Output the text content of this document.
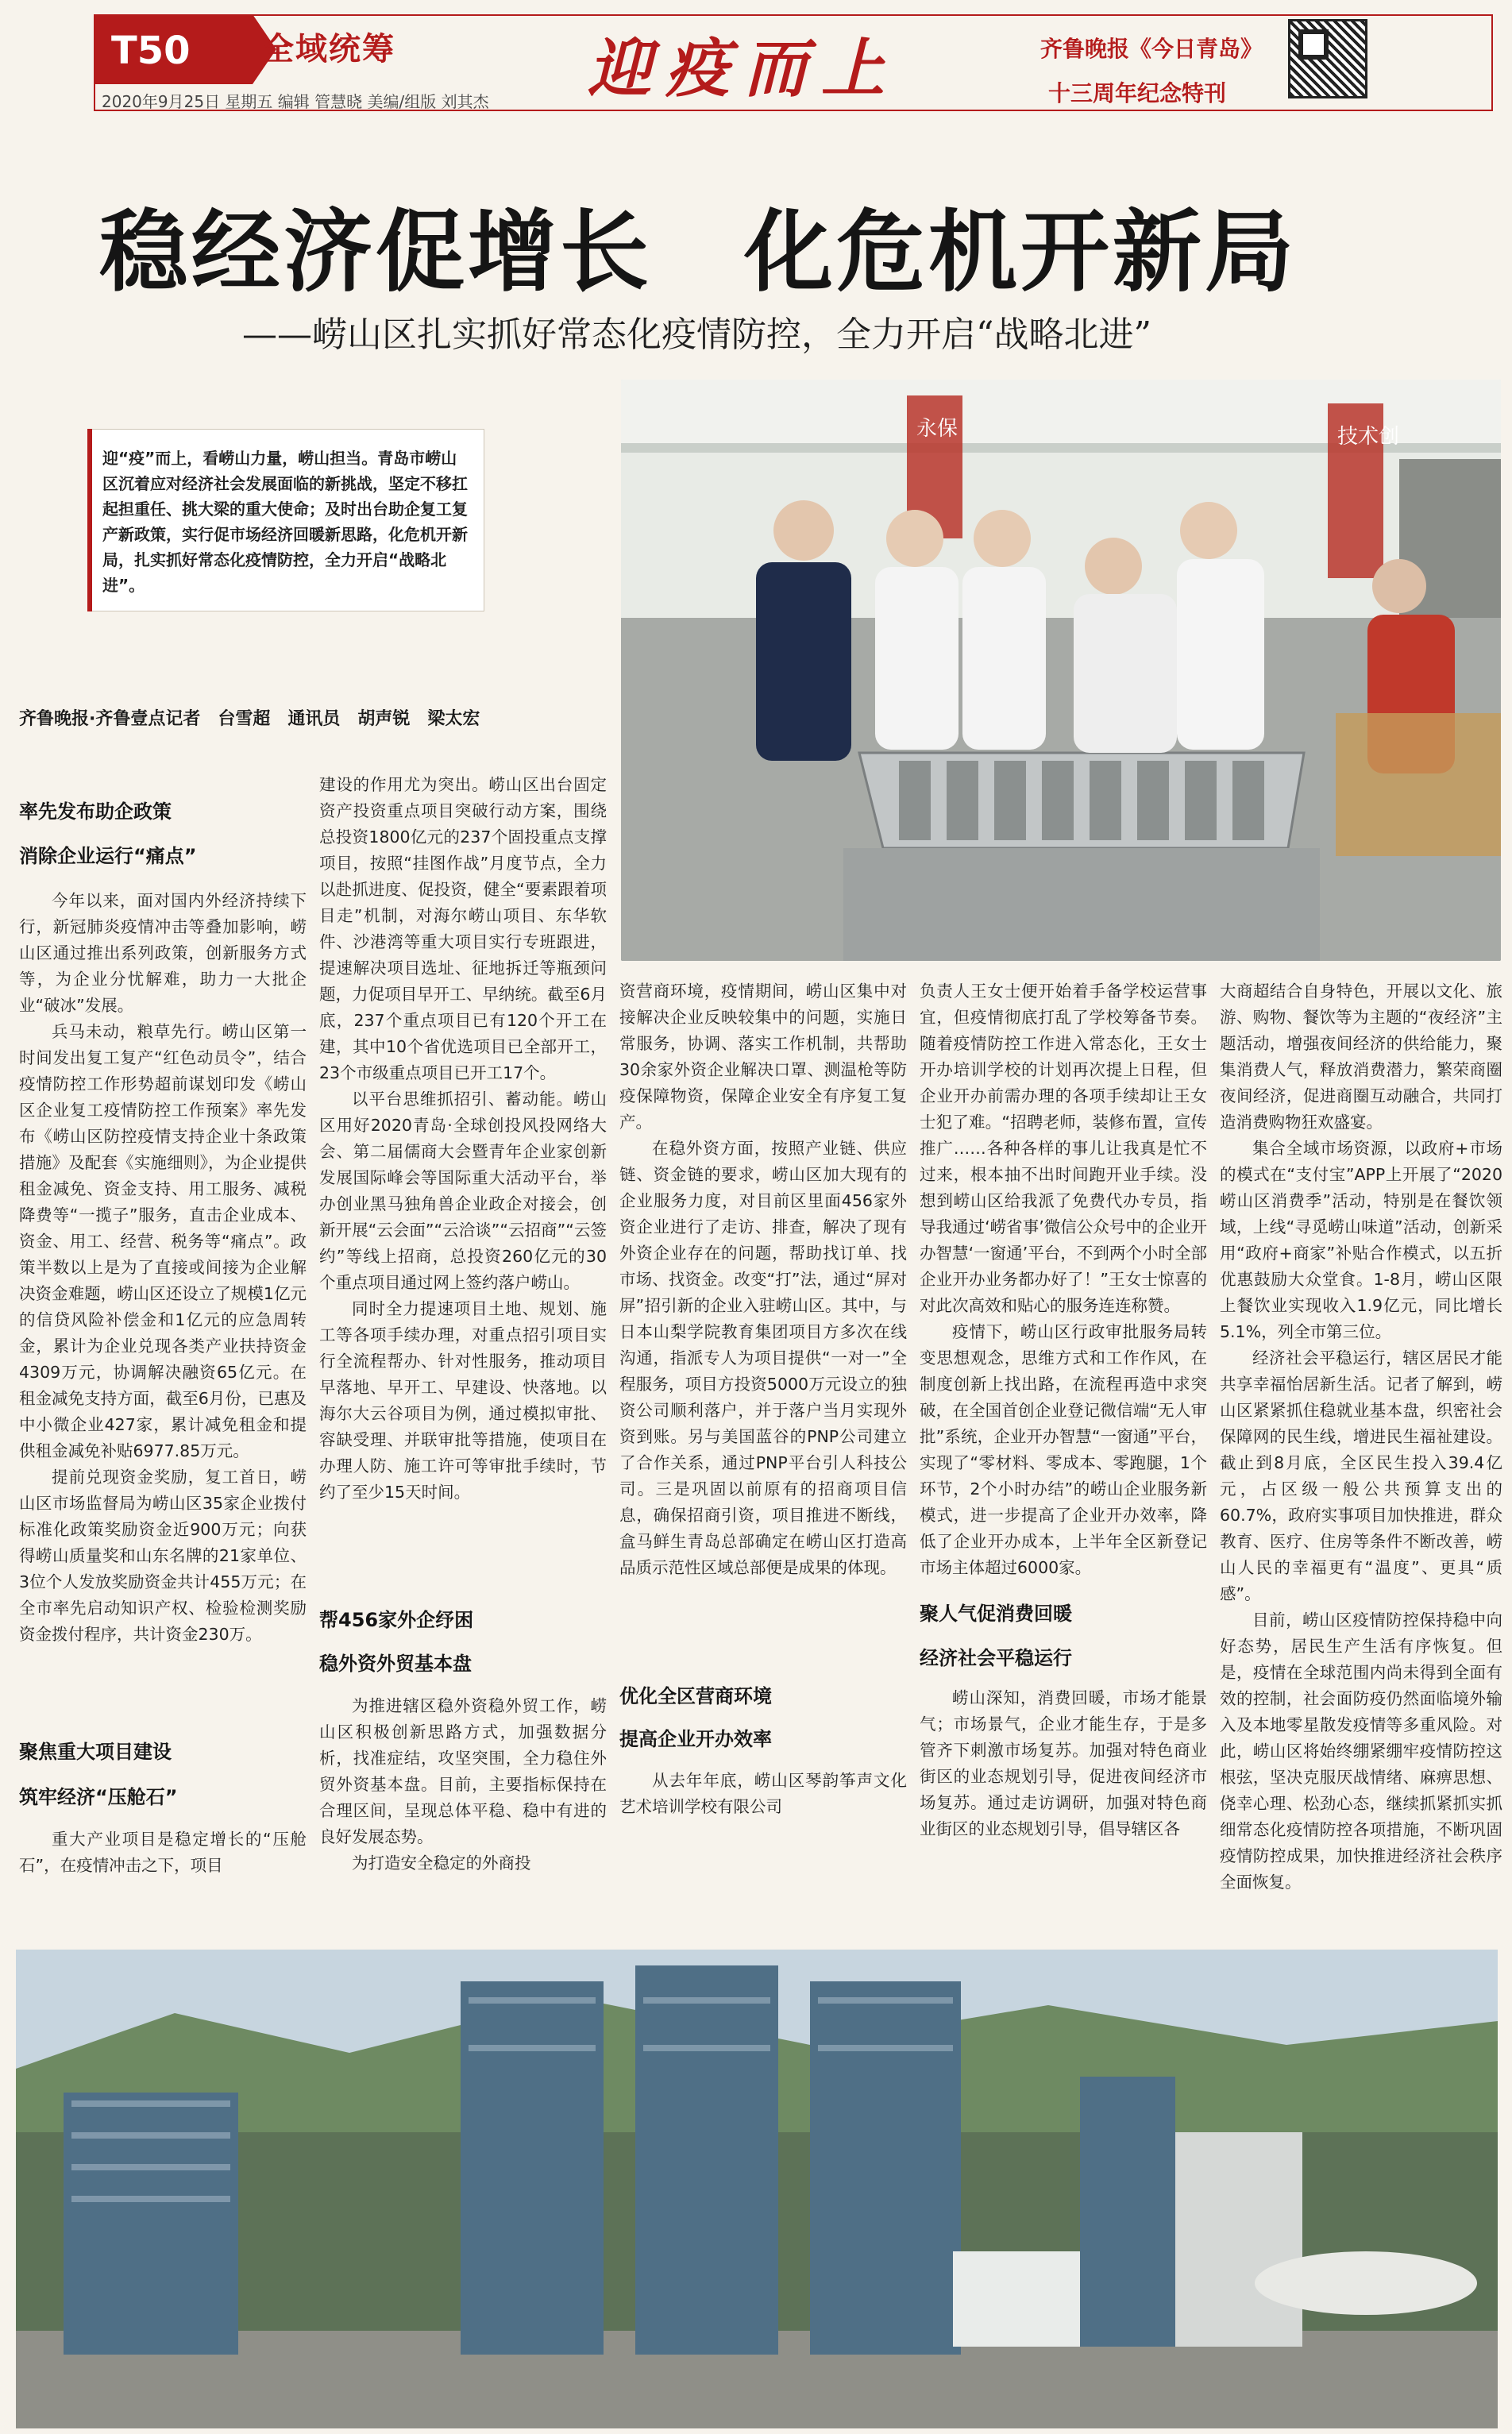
T50 全域统筹
2020年9月25日 星期五 编辑 管慧晓 美编/组版 刘其杰 迎疫而上	齐鲁晚报《今日青岛》
十三周年纪念特刊
稳经济促增长　化危机开新局
——崂山区扎实抓好常态化疫情防控，全力开启“战略北进”
迎“疫”而上，看崂山力量，崂山担当。青岛市崂山区沉着应对经济社会发展面临的新挑战，坚定不移扛起担重任、挑大梁的重大使命；及时出台助企复工复产新政策，实行促市场经济回暖新思路，化危机开新局，扎实抓好常态化疫情防控，全力开启“战略北进”。
齐鲁晚报·齐鲁壹点记者　台雪超　通讯员　胡声锐　梁太宏
永保	技术创
率先发布助企政策
消除企业运行“痛点”

今年以来，面对国内外经济持续下行，新冠肺炎疫情冲击等叠加影响，崂山区通过推出系列政策，创新服务方式等，为企业分忧解难，助力一大批企业“破冰”发展。

兵马未动，粮草先行。崂山区第一时间发出复工复产“红色动员令”，结合疫情防控工作形势超前谋划印发《崂山区企业复工疫情防控工作预案》率先发布《崂山区防控疫情支持企业十条政策措施》及配套《实施细则》，为企业提供租金减免、资金支持、用工服务、减税降费等“一揽子”服务，直击企业成本、资金、用工、经营、税务等“痛点”。政策半数以上是为了直接或间接为企业解决资金难题，崂山区还设立了规模1亿元的信贷风险补偿金和1亿元的应急周转金，累计为企业兑现各类产业扶持资金4309万元，协调解决融资65亿元。在租金减免支持方面，截至6月份，已惠及中小微企业427家，累计减免租金和提供租金减免补贴6977.85万元。

提前兑现资金奖励，复工首日，崂山区市场监督局为崂山区35家企业拨付标准化政策奖励资金近900万元；向获得崂山质量奖和山东名牌的21家单位、3位个人发放奖励资金共计455万元；在全市率先启动知识产权、检验检测奖励资金拨付程序，共计资金230万。

聚焦重大项目建设
筑牢经济“压舱石”

重大产业项目是稳定增长的“压舱石”，在疫情冲击之下，项目

建设的作用尤为突出。崂山区出台固定资产投资重点项目突破行动方案，围绕总投资1800亿元的237个固投重点支撑项目，按照“挂图作战”月度节点，全力以赴抓进度、促投资，健全“要素跟着项目走”机制，对海尔崂山项目、东华软件、沙港湾等重大项目实行专班跟进，提速解决项目选址、征地拆迁等瓶颈问题，力促项目早开工、早纳统。截至6月底，237个重点项目已有120个开工在建，其中10个省优选项目已全部开工，23个市级重点项目已开工17个。

以平台思维抓招引、蓄动能。崂山区用好2020青岛·全球创投风投网络大会、第二届儒商大会暨青年企业家创新发展国际峰会等国际重大活动平台，举办创业黑马独角兽企业政企对接会，创新开展“云会面”“云洽谈”“云招商”“云签约”等线上招商，总投资260亿元的30个重点项目通过网上签约落户崂山。

同时全力提速项目土地、规划、施工等各项手续办理，对重点招引项目实行全流程帮办、针对性服务，推动项目早落地、早开工、早建设、快落地。以海尔大云谷项目为例，通过模拟审批、容缺受理、并联审批等措施，使项目在办理人防、施工许可等审批手续时，节约了至少15天时间。

帮456家外企纾困
稳外资外贸基本盘

为推进辖区稳外资稳外贸工作，崂山区积极创新思路方式，加强数据分析，找准症结，攻坚突围，全力稳住外贸外资基本盘。目前，主要指标保持在合理区间，呈现总体平稳、稳中有进的良好发展态势。

为打造安全稳定的外商投

资营商环境，疫情期间，崂山区集中对接解决企业反映较集中的问题，实施日常服务，协调、落实工作机制，共帮助30余家外资企业解决口罩、测温枪等防疫保障物资，保障企业安全有序复工复产。

在稳外资方面，按照产业链、供应链、资金链的要求，崂山区加大现有的企业服务力度，对目前区里面456家外资企业进行了走访、排查，解决了现有外资企业存在的问题，帮助找订单、找市场、找资金。改变“打”法，通过“屏对屏”招引新的企业入驻崂山区。其中，与日本山梨学院教育集团项目方多次在线沟通，指派专人为项目提供“一对一”全程服务，项目方投资5000万元设立的独资公司顺利落户，并于落户当月实现外资到账。另与美国蓝谷的PNP公司建立了合作关系，通过PNP平台引人科技公司。三是巩固以前原有的招商项目信息，确保招商引资，项目推进不断线，盒马鲜生青岛总部确定在崂山区打造高品质示范性区域总部便是成果的体现。

优化全区营商环境
提高企业开办效率

从去年年底，崂山区琴韵筝声文化艺术培训学校有限公司

负责人王女士便开始着手备学校运营事宜，但疫情彻底打乱了学校筹备节奏。随着疫情防控工作进入常态化，王女士开办培训学校的计划再次提上日程，但企业开办前需办理的各项手续却让王女士犯了难。“招聘老师，装修布置，宣传推广……各种各样的事儿让我真是忙不过来，根本抽不出时间跑开业手续。没想到崂山区给我派了免费代办专员，指导我通过‘崂省事’微信公众号中的企业开办智慧‘一窗通’平台，不到两个小时全部企业开办业务都办好了！”王女士惊喜的对此次高效和贴心的服务连连称赞。

疫情下，崂山区行政审批服务局转变思想观念，思维方式和工作作风，在制度创新上找出路，在流程再造中求突破，在全国首创企业登记微信端“无人审批”系统，企业开办智慧“一窗通”平台，实现了“零材料、零成本、零跑腿，1个环节，2个小时办结”的崂山企业服务新模式，进一步提高了企业开办效率，降低了企业开办成本，上半年全区新登记市场主体超过6000家。

聚人气促消费回暖
经济社会平稳运行

崂山深知，消费回暖，市场才能景气；市场景气，企业才能生存，于是多管齐下刺激市场复苏。加强对特色商业街区的业态规划引导，促进夜间经济市场复苏。通过走访调研，加强对特色商业街区的业态规划引导，倡导辖区各

大商超结合自身特色，开展以文化、旅游、购物、餐饮等为主题的“夜经济”主题活动，增强夜间经济的供给能力，聚集消费人气，释放消费潜力，繁荣商圈夜间经济，促进商圈互动融合，共同打造消费购物狂欢盛宴。

集合全域市场资源，以政府+市场的模式在“支付宝”APP上开展了“2020崂山区消费季”活动，特别是在餐饮领域，上线“寻觅崂山味道”活动，创新采用“政府+商家”补贴合作模式，以五折优惠鼓励大众堂食。1-8月，崂山区限上餐饮业实现收入1.9亿元，同比增长5.1%，列全市第三位。

经济社会平稳运行，辖区居民才能共享幸福怡居新生活。记者了解到，崂山区紧紧抓住稳就业基本盘，织密社会保障网的民生线，增进民生福祉建设。截止到8月底，全区民生投入39.4亿元，占区级一般公共预算支出的60.7%，政府实事项目加快推进，群众教育、医疗、住房等条件不断改善，崂山人民的幸福更有“温度”、更具“质感”。

目前，崂山区疫情防控保持稳中向好态势，居民生产生活有序恢复。但是，疫情在全球范围内尚未得到全面有效的控制，社会面防疫仍然面临境外输入及本地零星散发疫情等多重风险。对此，崂山区将始终绷紧绷牢疫情防控这根弦，坚决克服厌战情绪、麻痹思想、侥幸心理、松劲心态，继续抓紧抓实抓细常态化疫情防控各项措施，不断巩固疫情防控成果，加快推进经济社会秩序全面恢复。
